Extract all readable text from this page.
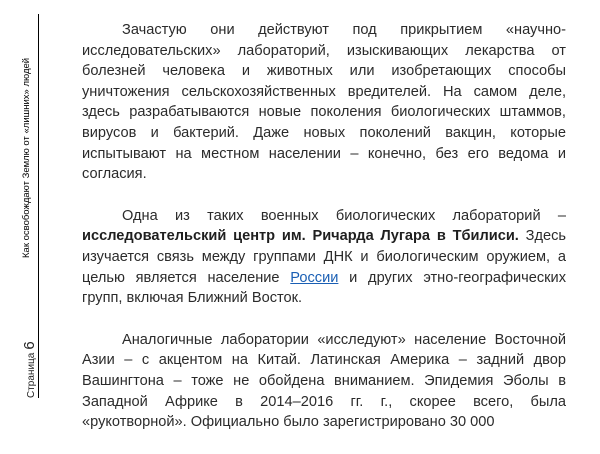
Страница6
Как освобождают Землю от «лишних» людей

Зачастую они действуют под прикрытием «научно-исследовательских» лабораторий, изыскивающих лекарства от болезней человека и животных или изобретающих способы уничтожения сельскохозяйственных вредителей. На самом деле, здесь разрабатываются новые поколения биологических штаммов, вирусов и бактерий. Даже новых поколений вакцин, которые испытывают на местном населении – конечно, без его ведома и согласия.

Одна из таких военных биологических лабораторий – исследовательский центр им. Ричарда Лугара в Тбилиси. Здесь изучается связь между группами ДНК и биологическим оружием, а целью является население России и других этно-географических групп, включая Ближний Восток.

Аналогичные лаборатории «исследуют» население Восточной Азии – с акцентом на Китай. Латинская Америка – задний двор Вашингтона – тоже не обойдена вниманием. Эпидемия Эболы в Западной Африке в 2014–2016 гг. г., скорее всего, была «рукотворной». Официально было зарегистрировано 30 000
